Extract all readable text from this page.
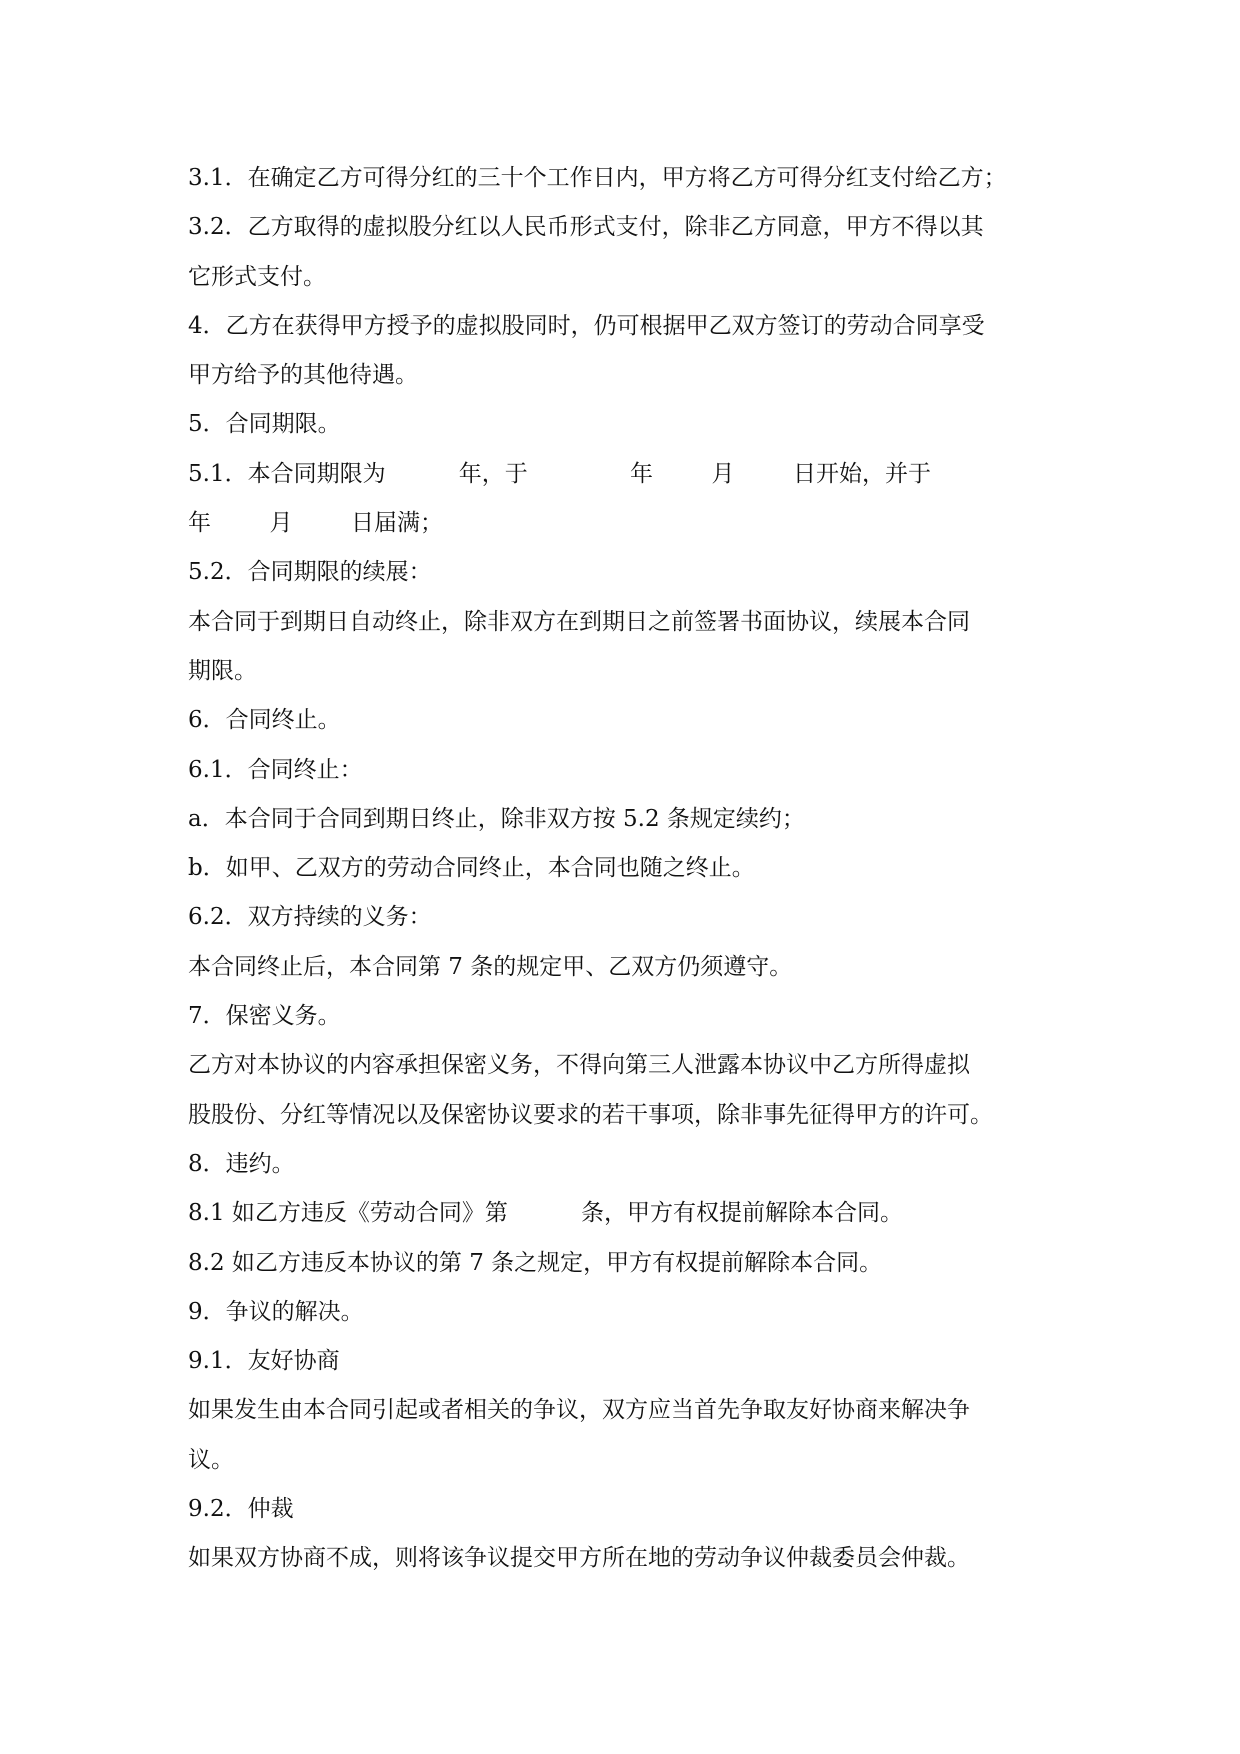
3.1．在确定乙方可得分红的三十个工作日内，甲方将乙方可得分红支付给乙方；
3.2．乙方取得的虚拟股分红以人民币形式支付，除非乙方同意，甲方不得以其
它形式支付。
4．乙方在获得甲方授予的虚拟股同时，仍可根据甲乙双方签订的劳动合同享受
甲方给予的其他待遇。
5．合同期限。
5.1．本合同期限为          年，于              年        月        日开始，并于
年        月        日届满；
5.2．合同期限的续展：
本合同于到期日自动终止，除非双方在到期日之前签署书面协议，续展本合同
期限。
6．合同终止。
6.1．合同终止：
a．本合同于合同到期日终止，除非双方按 5.2 条规定续约；
b．如甲、乙双方的劳动合同终止，本合同也随之终止。
6.2．双方持续的义务：
本合同终止后，本合同第 7 条的规定甲、乙双方仍须遵守。
7．保密义务。
乙方对本协议的内容承担保密义务，不得向第三人泄露本协议中乙方所得虚拟
股股份、分红等情况以及保密协议要求的若干事项，除非事先征得甲方的许可。
8．违约。
8.1 如乙方违反《劳动合同》第          条，甲方有权提前解除本合同。
8.2 如乙方违反本协议的第 7 条之规定，甲方有权提前解除本合同。
9．争议的解决。
9.1．友好协商
如果发生由本合同引起或者相关的争议，双方应当首先争取友好协商来解决争
议。
9.2．仲裁
如果双方协商不成，则将该争议提交甲方所在地的劳动争议仲裁委员会仲裁。
